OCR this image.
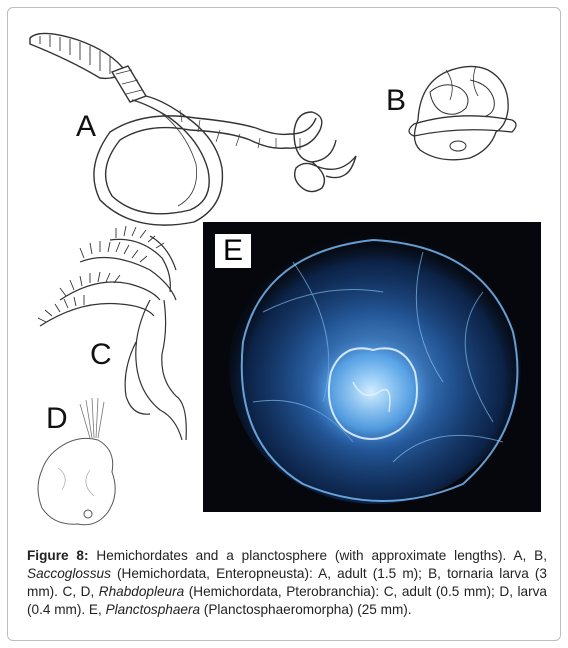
A
B
C
D
E
Figure 8: Hemichordates and a planctosphere (with approximate lengths). A, B, Saccoglossus (Hemichordata, Enteropneusta): A, adult (1.5 m); B, tornaria larva (3 mm). C, D, Rhabdopleura (Hemichordata, Pterobranchia): C, adult (0.5 mm); D, larva (0.4 mm). E, Planctosphaera (Planctosphaeromorpha) (25 mm).
